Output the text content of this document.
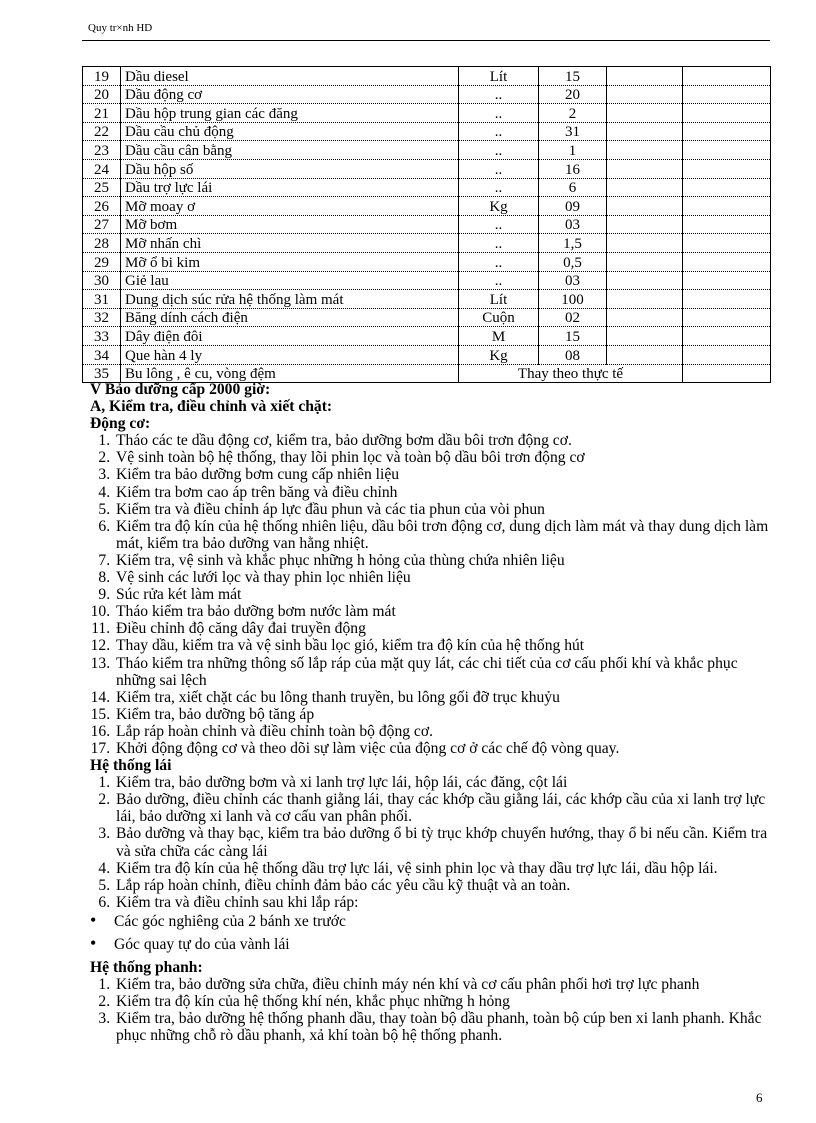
Quy tr×nh HD
19	Dầu diesel	Lít	15		
20	Dầu động cơ	..	20		
21	Dầu hộp trung gian các đăng	..	2		
22	Dầu cầu chủ động	..	31		
23	Dầu cầu cân bằng	..	1		
24	Dầu hộp số	..	16		
25	Dầu trợ lực lái	..	6		
26	Mỡ moay ơ	Kg	09		
27	Mỡ bơm	..	03		
28	Mỡ nhấn chì	..	1,5		
29	Mỡ ổ bi kim	..	0,5		
30	Giẻ lau	..	03		
31	Dung dịch súc rửa hệ thống làm mát	Lít	100		
32	Băng dính cách điện	Cuộn	02		
33	Dây điện đôi	M	15		
34	Que hàn 4 ly	Kg	08		
35	Bu lông , ê cu, vòng đệm	Thay theo thực tế			
V Bảo dưỡng cấp 2000 giờ:
A, Kiểm tra, điều chỉnh và xiết chặt:
Động cơ:
1. Tháo các te dầu động cơ, kiểm tra, bảo dưỡng bơm dầu bôi trơn động cơ.
2. Vệ sinh toàn bộ hệ thống, thay lõi phin lọc và toàn bộ dầu bôi trơn động cơ
3. Kiểm tra bảo dưỡng bơm cung cấp nhiên liệu
4. Kiểm tra bơm cao áp trên băng và điều chỉnh
5. Kiểm tra và điều chỉnh áp lực đầu phun và các tia phun của vòi phun
6. Kiểm tra độ kín của hệ thống nhiên liệu, dầu bôi trơn động cơ, dung dịch làm mát và thay dung dịch làm mát, kiểm tra bảo dưỡng van hằng nhiệt.
7. Kiểm tra, vệ sinh và khắc phục những h hỏng của thùng chứa nhiên liệu
8. Vệ sinh các lưới lọc và thay phin lọc nhiên liệu
9. Súc rửa két làm mát
10. Tháo kiểm tra bảo dưỡng bơm nước làm mát
11. Điều chỉnh độ căng dây đai truyền động
12. Thay dầu, kiểm tra và vệ sinh bầu lọc gió, kiểm tra độ kín của hệ thống hút
13. Tháo kiểm tra những thông số lắp ráp của mặt quy lát, các chi tiết của cơ cấu phối khí và khắc phục những sai lệch
14. Kiểm tra, xiết chặt các bu lông thanh truyền, bu lông gối đỡ trục khuỷu
15. Kiểm tra, bảo dưỡng bộ tăng áp
16. Lắp ráp hoàn chỉnh và điều chỉnh toàn bộ động cơ.
17. Khởi động động cơ và theo dõi sự làm việc của động cơ ở các chế độ vòng quay.
Hệ thống lái
1. Kiểm tra, bảo dưỡng bơm và xi lanh trợ lực lái, hộp lái, các đăng, cột lái
2. Bảo dưỡng, điều chỉnh các thanh giằng lái, thay các khớp cầu giằng lái, các khớp cầu của xi lanh trợ lực lái, bảo dưỡng xi lanh và cơ cấu van phân phối.
3. Bảo dưỡng và thay bạc, kiểm tra bảo dưỡng ổ bi tỳ trục khớp chuyển hướng, thay ổ bi nếu cần. Kiểm tra và sửa chữa các càng lái
4. Kiểm tra độ kín của hệ thống dầu trợ lực lái, vệ sinh phin lọc và thay dầu trợ lực lái, dầu hộp lái.
5. Lắp ráp hoàn chỉnh, điều chỉnh đảm bảo các yêu cầu kỹ thuật và an toàn.
6. Kiểm tra và điều chỉnh sau khi lắp ráp:
• Các góc nghiêng của 2 bánh xe trước
• Góc quay tự do của vành lái
Hệ thống phanh:
1. Kiểm tra, bảo dưỡng sửa chữa, điều chỉnh máy nén khí và cơ cấu phân phối hơi trợ lực phanh
2. Kiểm tra độ kín của hệ thống khí nén, khắc phục những h hỏng
3. Kiểm tra, bảo dưỡng hệ thống phanh dầu, thay toàn bộ dầu phanh, toàn bộ cúp ben xi lanh phanh. Khắc phục những chỗ rò dầu phanh, xả khí toàn bộ hệ thống phanh.
6
